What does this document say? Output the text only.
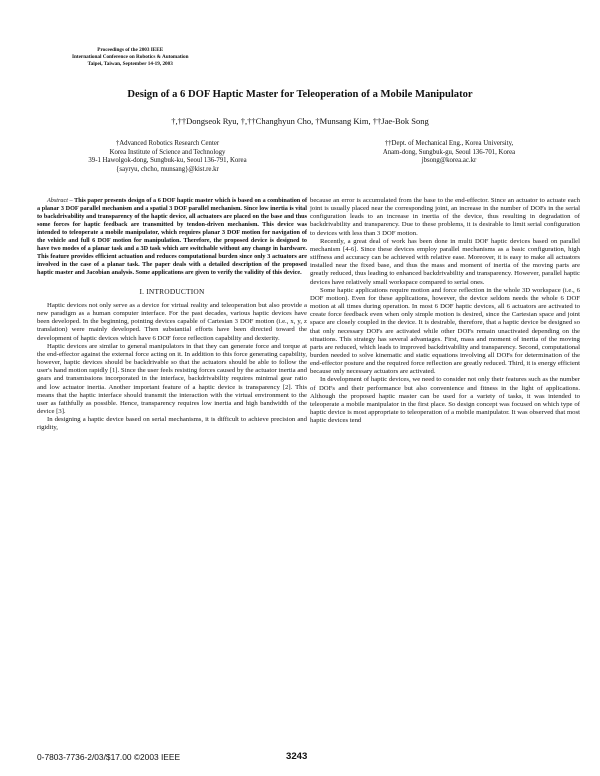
Proceedings of the 2003 IEEE
International Conference on Robotics & Automation
Taipei, Taiwan, September 14-19, 2003
Design of a 6 DOF Haptic Master for Teleoperation of a Mobile Manipulator
†,††Dongseok Ryu, †,††Changhyun Cho, †Munsang Kim, ††Jae-Bok Song
†Advanced Robotics Research Center
Korea Institute of Science and Technology
39-1 Hawolgok-dong, Sungbuk-ku, Seoul 136-791, Korea
{sayryu, chcho, munsang}@kist.re.kr
††Dept. of Mechanical Eng., Korea University,
Anam-dong, Sungbuk-gu, Seoul 136-701, Korea
jbsong@korea.ac.kr

Abstract – This paper presents design of a 6 DOF haptic master which is based on a combination of a planar 3 DOF parallel mechanism and a spatial 3 DOF parallel mechanism. Since low inertia is vital to backdrivability and transparency of the haptic device, all actuators are placed on the base and thus some forces for haptic feedback are transmitted by tendon-driven mechanism. This device was intended to teleoperate a mobile manipulator, which requires planar 3 DOF motion for navigation of the vehicle and full 6 DOF motion for manipulation. Therefore, the proposed device is designed to have two modes of a planar task and a 3D task which are switchable without any change in hardware. This feature provides efficient actuation and reduces computational burden since only 3 actuators are involved in the case of a planar task. The paper deals with a detailed description of the proposed haptic master and Jacobian analysis. Some applications are given to verify the validity of this device.

I. INTRODUCTION

Haptic devices not only serve as a device for virtual reality and teleoperation but also provide a new paradigm as a human computer interface. For the past decades, various haptic devices have been developed. In the beginning, pointing devices capable of Cartesian 3 DOF motion (i.e., x, y, z translation) were mainly developed. Then substantial efforts have been directed toward the development of haptic devices which have 6 DOF force reflection capability and dexterity.

Haptic devices are similar to general manipulators in that they can generate force and torque at the end-effector against the external force acting on it. In addition to this force generating capability, however, haptic devices should be backdrivable so that the actuators should be able to follow the user's hand motion rapidly [1]. Since the user feels resisting forces caused by the actuator inertia and gears and transmissions incorporated in the interface, backdrivability requires minimal gear ratio and low actuator inertia. Another important feature of a haptic device is transparency [2]. This means that the haptic interface should transmit the interaction with the virtual environment to the user as faithfully as possible. Hence, transparency requires low inertia and high bandwidth of the device [3].

In designing a haptic device based on serial mechanisms, it is difficult to achieve precision and rigidity,

because an error is accumulated from the base to the end-effector. Since an actuator to actuate each joint is usually placed near the corresponding joint, an increase in the number of DOFs in the serial configuration leads to an increase in inertia of the device, thus resulting in degradation of backdrivability and transparency. Due to these problems, it is desirable to limit serial configuration to devices with less than 3 DOF motion.

Recently, a great deal of work has been done in multi DOF haptic devices based on parallel mechanism [4-6]. Since these devices employ parallel mechanisms as a basic configuration, high stiffness and accuracy can be achieved with relative ease. Moreover, it is easy to make all actuators installed near the fixed base, and thus the mass and moment of inertia of the moving parts are greatly reduced, thus leading to enhanced backdrivability and transparency. However, parallel haptic devices have relatively small workspace compared to serial ones.

Some haptic applications require motion and force reflection in the whole 3D workspace (i.e., 6 DOF motion). Even for these applications, however, the device seldom needs the whole 6 DOF motion at all times during operation. In most 6 DOF haptic devices, all 6 actuators are activated to create force feedback even when only simple motion is desired, since the Cartesian space and joint space are closely coupled in the device. It is desirable, therefore, that a haptic device be designed so that only necessary DOFs are activated while other DOFs remain unactivated depending on the situations. This strategy has several advantages. First, mass and moment of inertia of the moving parts are reduced, which leads to improved backdrivability and transparency. Second, computational burden needed to solve kinematic and static equations involving all DOFs for determination of the end-effector posture and the required force reflection are greatly reduced. Third, it is energy efficient because only necessary actuators are activated.

In development of haptic devices, we need to consider not only their features such as the number of DOFs and their performance but also convenience and fitness in the light of applications. Although the proposed haptic master can be used for a variety of tasks, it was intended to teleoperate a mobile manipulator in the first place. So design concept was focused on which type of haptic device is most appropriate to teleoperation of a mobile manipulator. It was observed that most haptic devices tend

0-7803-7736-2/03/$17.00 ©2003 IEEE	3243
